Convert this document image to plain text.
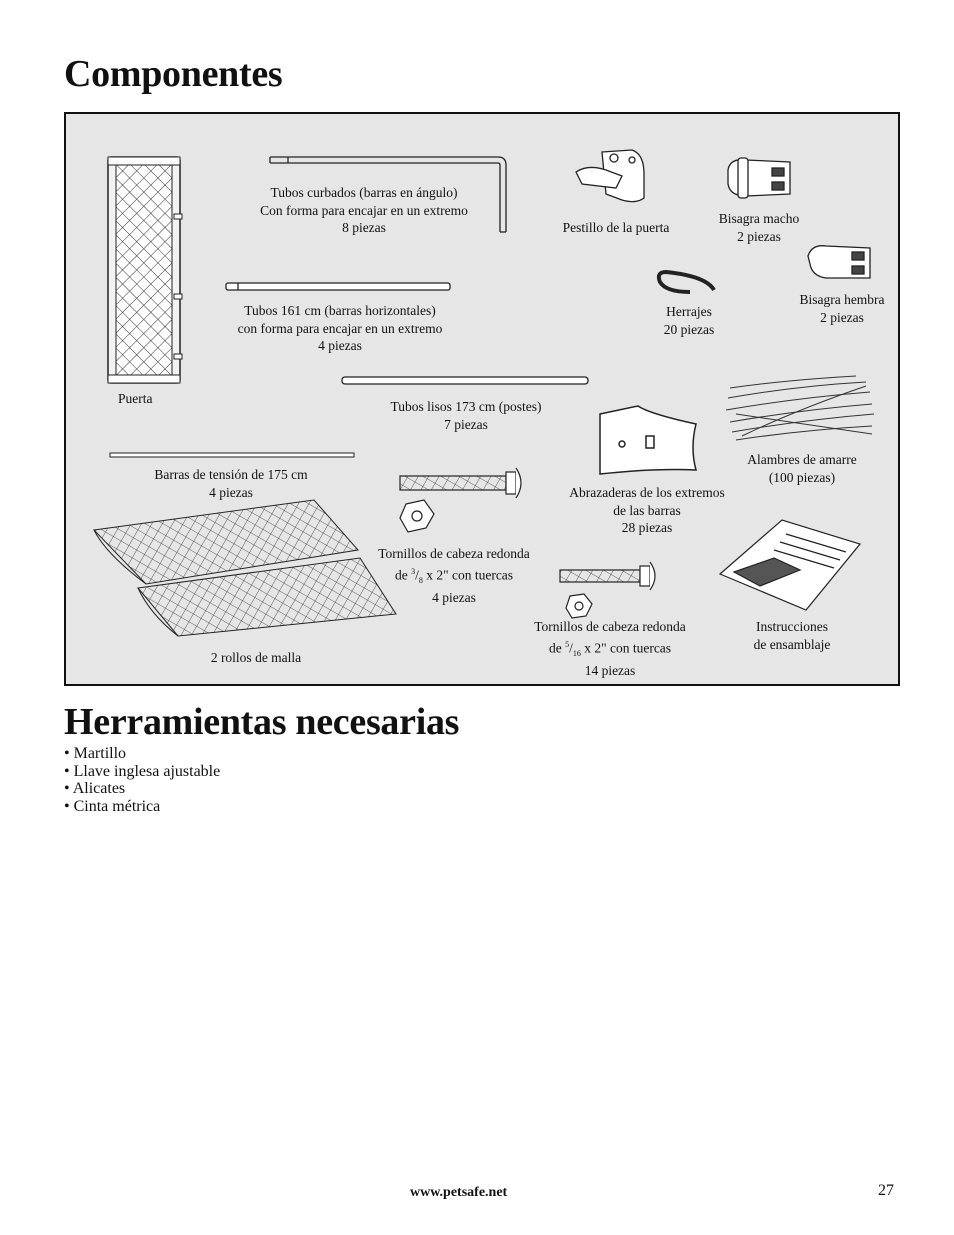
Componentes
Puerta
Tubos curbados (barras en ángulo)
Con forma para encajar en un extremo
8 piezas	Pestillo de la puerta
Bisagra macho
2 piezas
Tubos 161 cm (barras horizontales)
con forma para encajar en un extremo
4 piezas
Herrajes
20 piezas
Bisagra hembra
2 piezas
Tubos lisos 173 cm (postes)
7 piezas
Barras de tensión de 175 cm
4 piezas	Abrazaderas de los extremos
de las barras
28 piezas
Alambres de amarre
(100 piezas)
Tornillos de cabeza redonda
de $^3/_8$ x 2" con tuercas
4 piezas
Tornillos de cabeza redonda
de $^5/_{16}$ x 2" con tuercas
14 piezas
2 rollos de malla
Instrucciones
de ensamblaje
Herramientas necesarias
• Martillo
• Llave inglesa ajustable
• Alicates
• Cinta métrica
www.petsafe.net	27
